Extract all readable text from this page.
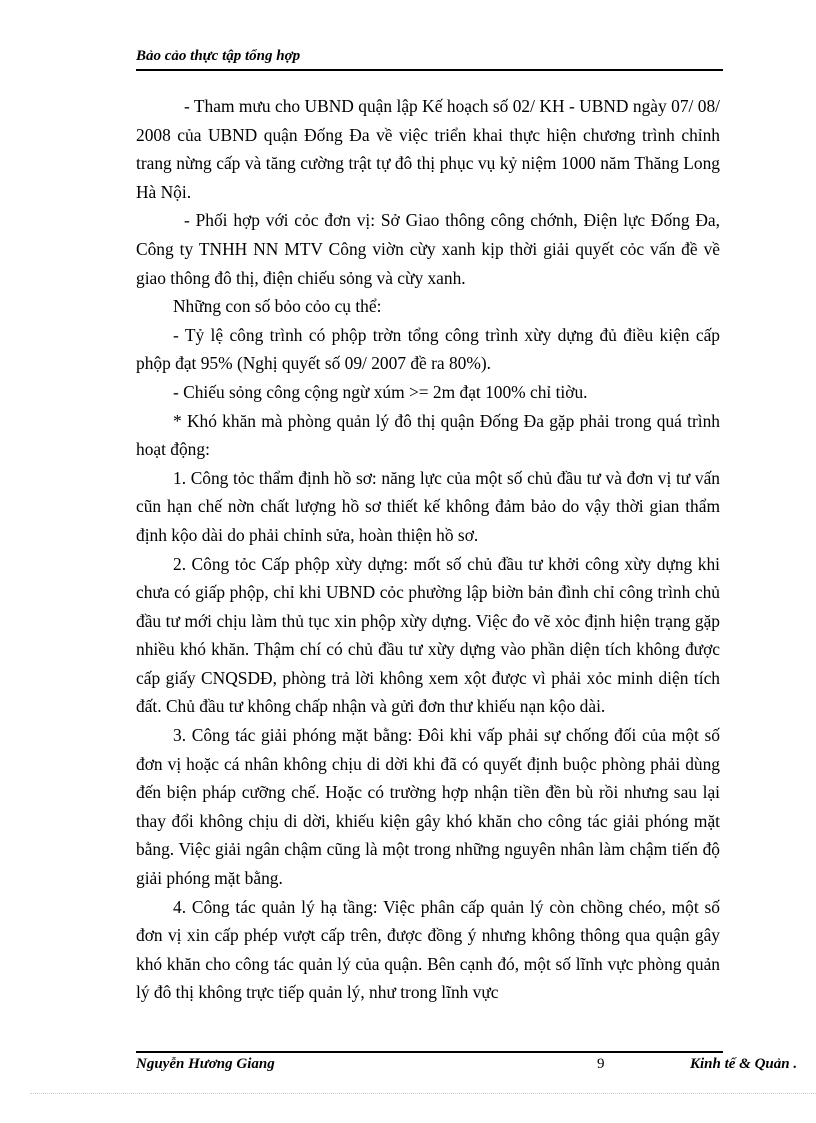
Bảo cảo thực tập tổng hợp

- Tham mưu cho UBND quận lập Kế hoạch số 02/ KH - UBND ngày 07/ 08/ 2008 của UBND quận Đống Đa về việc triển khai thực hiện chương trình chỉnh trang nừng cấp và tăng cường trật tự đô thị phục vụ kỷ niệm 1000 năm Thăng Long Hà Nội.

- Phối hợp với cỏc đơn vị: Sở Giao thông công chớnh, Điện lực Đống Đa, Công ty TNHH NN MTV Công viờn cừy xanh kịp thời giải quyết cỏc vấn đề về giao thông đô thị, điện chiếu sỏng và cừy xanh.

Những con số bỏo cỏo cụ thể:

- Tỷ lệ công trình có phộp trờn tổng công trình xừy dựng đủ điều kiện cấp phộp đạt 95% (Nghị quyết số 09/ 2007 đề ra 80%).

- Chiếu sỏng công cộng ngừ xúm >= 2m đạt 100% chỉ tiờu.

* Khó khăn mà phòng quản lý đô thị quận Đống Đa gặp phải trong quá trình hoạt động:

1. Công tỏc thẩm định hồ sơ: năng lực của một số chủ đầu tư và đơn vị tư vấn cũn hạn chế nờn chất lượng hồ sơ thiết kế không đảm bảo do vậy thời gian thẩm định kộo dài do phải chỉnh sửa, hoàn thiện hồ sơ.

2. Công tỏc Cấp phộp xừy dựng: mốt số chủ đầu tư khởi công xừy dựng khi chưa có giấp phộp, chỉ khi UBND cỏc phường lập biờn bản đình chỉ công trình chủ đầu tư mới chịu làm thủ tục xin phộp xừy dựng. Việc đo vẽ xỏc định hiện trạng gặp nhiều khó khăn. Thậm chí có chủ đầu tư xừy dựng vào phần diện tích không được cấp giấy CNQSDĐ, phòng trả lời không xem xột được vì phải xỏc minh diện tích đất. Chủ đầu tư không chấp nhận và gửi đơn thư khiếu nạn kộo dài.

3. Công tác giải phóng mặt bằng: Đôi khi vấp phải sự chống đối của một số đơn vị hoặc cá nhân không chịu di dời khi đã có quyết định buộc phòng phải dùng đến biện pháp cưỡng chế. Hoặc có trường hợp nhận tiền đền bù rồi nhưng sau lại thay đổi không chịu di dời, khiếu kiện gây khó khăn cho công tác giải phóng mặt bằng. Việc giải ngân chậm cũng là một trong những nguyên nhân làm chậm tiến độ giải phóng mặt bằng.

4. Công tác quản lý hạ tầng: Việc phân cấp quản lý còn chồng chéo, một số đơn vị xin cấp phép vượt cấp trên, được đồng ý nhưng không thông qua quận gây khó khăn cho công tác quản lý của quận. Bên cạnh đó, một số lĩnh vực phòng quản lý đô thị không trực tiếp quản lý, như trong lĩnh vực

Nguyễn Hương Giang	9	Kinh tế & Quản .
